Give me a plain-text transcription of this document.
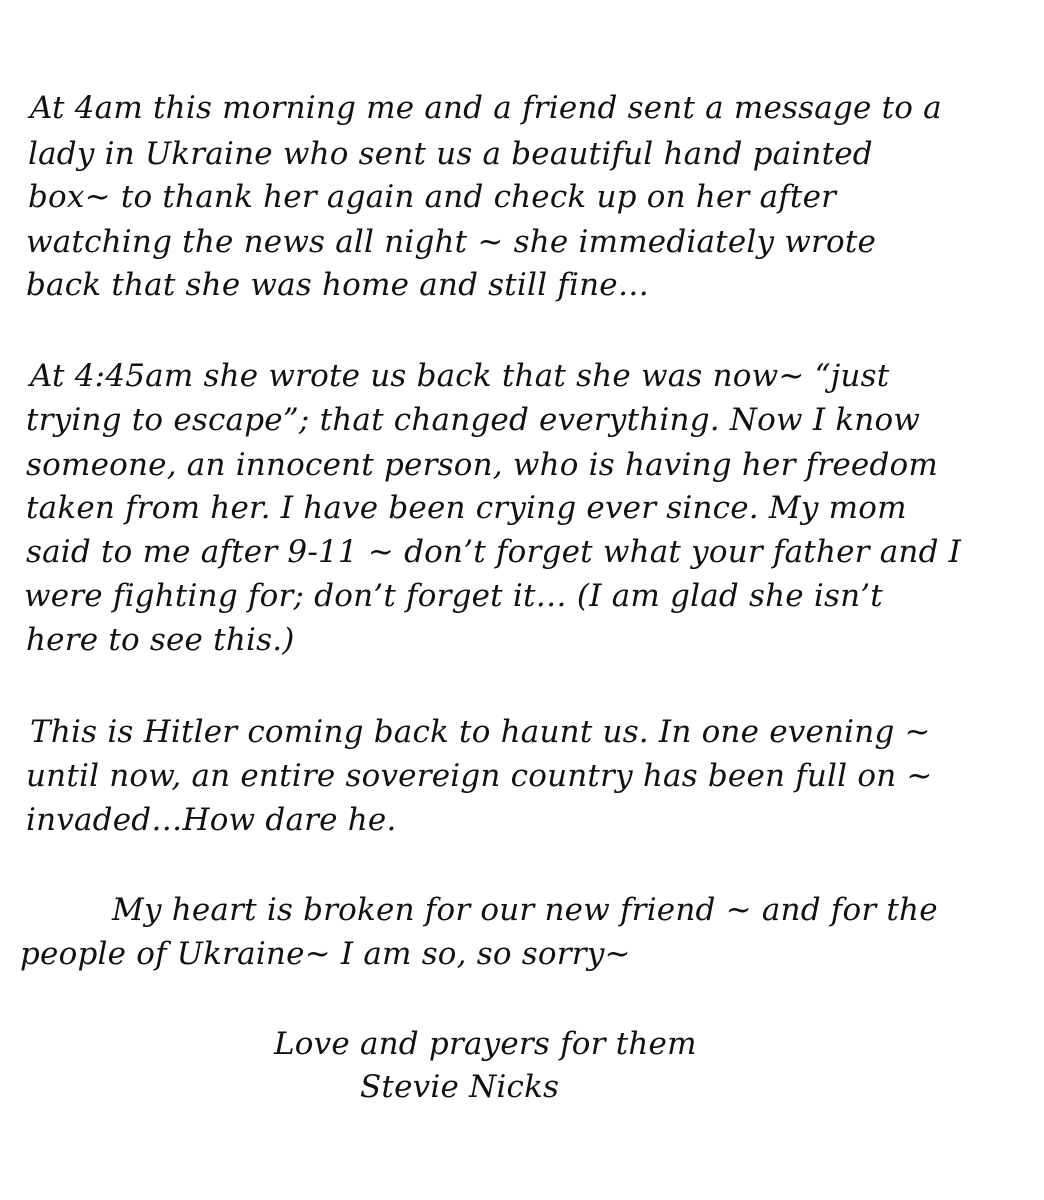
At 4am this morning me and a friend sent a message to a
lady in Ukraine who sent us a beautiful hand painted
box~ to thank her again and check up on her after
watching the news all night ~ she immediately wrote
back that she was home and still fine…
At 4:45am she wrote us back that she was now~ “just
trying to escape”; that changed everything. Now I know
someone, an innocent person, who is having her freedom
taken from her. I have been crying ever since. My mom
said to me after 9-11 ~ don’t forget what your father and I
were fighting for; don’t forget it… (I am glad she isn’t
here to see this.)
This is Hitler coming back to haunt us. In one evening ~
until now, an entire sovereign country has been full on ~
invaded…How dare he.
My heart is broken for our new friend ~ and for the
people of Ukraine~ I am so, so sorry~
Love and prayers for them
Stevie Nicks
